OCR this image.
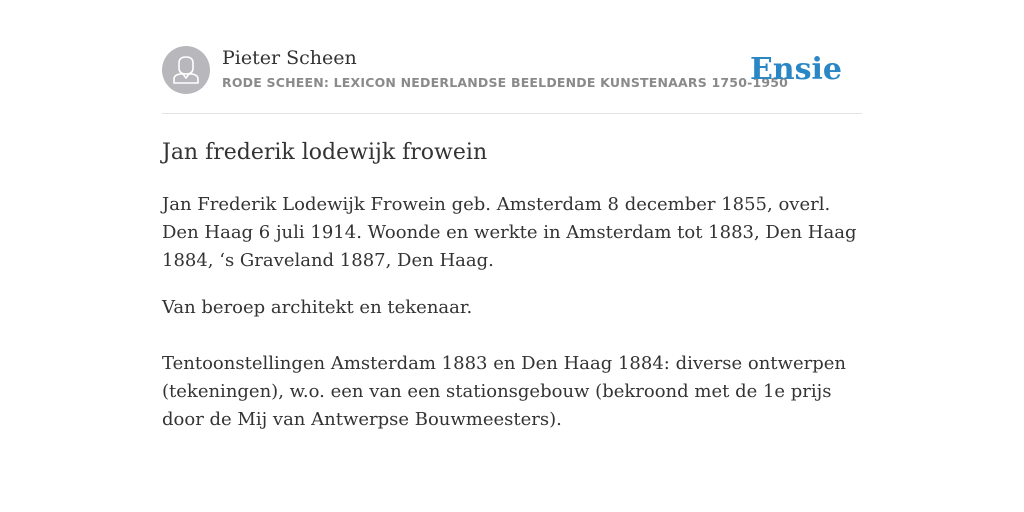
Pieter Scheen
RODE SCHEEN: LEXICON NEDERLANDSE BEELDENDE KUNSTENAARS 1750-1950
Ensie
Jan frederik lodewijk frowein

Jan Frederik Lodewijk Frowein geb. Amsterdam 8 december 1855, overl. Den Haag 6 juli 1914. Woonde en werkte in Amsterdam tot 1883, Den Haag 1884, ‘s Graveland 1887, Den Haag.

Van beroep architekt en tekenaar.

Tentoonstellingen Amsterdam 1883 en Den Haag 1884: diverse ontwerpen (tekeningen), w.o. een van een stationsgebouw (bekroond met de 1e prijs door de Mij van Antwerpse Bouwmeesters).
